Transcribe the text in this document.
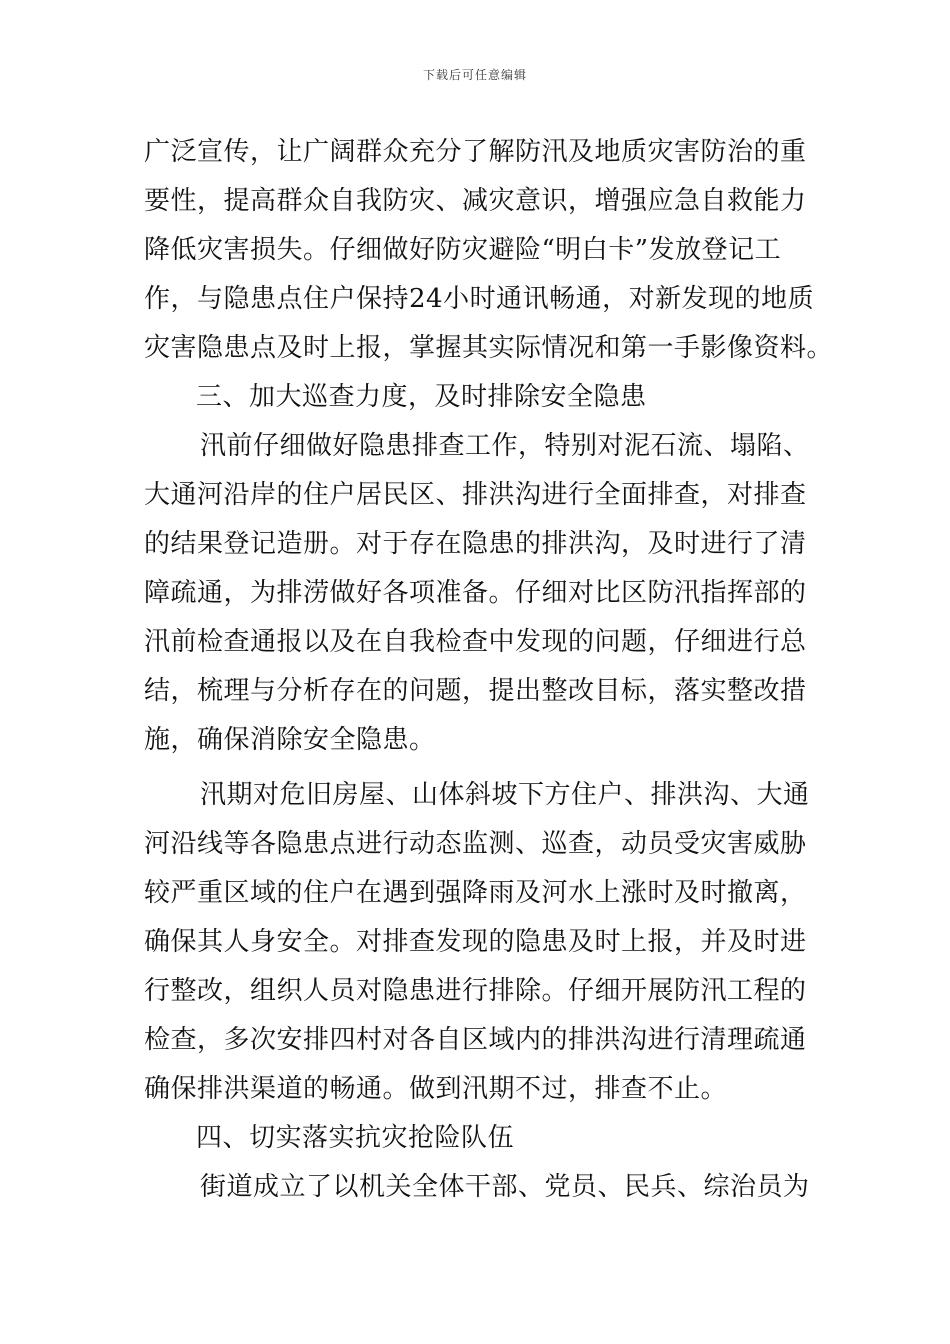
下载后可任意编辑
广泛宣传，让广阔群众充分了解防汛及地质灾害防治的重
要性，提高群众自我防灾、减灾意识，增强应急自救能力
降低灾害损失。仔细做好防灾避险“明白卡”发放登记工
作，与隐患点住户保持24小时通讯畅通，对新发现的地质
灾害隐患点及时上报，掌握其实际情况和第一手影像资料。
三、加大巡查力度，及时排除安全隐患
汛前仔细做好隐患排查工作，特别对泥石流、塌陷、
大通河沿岸的住户居民区、排洪沟进行全面排查，对排查
的结果登记造册。对于存在隐患的排洪沟，及时进行了清
障疏通，为排涝做好各项准备。仔细对比区防汛指挥部的
汛前检查通报以及在自我检查中发现的问题，仔细进行总
结，梳理与分析存在的问题，提出整改目标，落实整改措
施，确保消除安全隐患。
汛期对危旧房屋、山体斜坡下方住户、排洪沟、大通
河沿线等各隐患点进行动态监测、巡查，动员受灾害威胁
较严重区域的住户在遇到强降雨及河水上涨时及时撤离，
确保其人身安全。对排查发现的隐患及时上报，并及时进
行整改，组织人员对隐患进行排除。仔细开展防汛工程的
检查，多次安排四村对各自区域内的排洪沟进行清理疏通
确保排洪渠道的畅通。做到汛期不过，排查不止。
四、切实落实抗灾抢险队伍
街道成立了以机关全体干部、党员、民兵、综治员为
